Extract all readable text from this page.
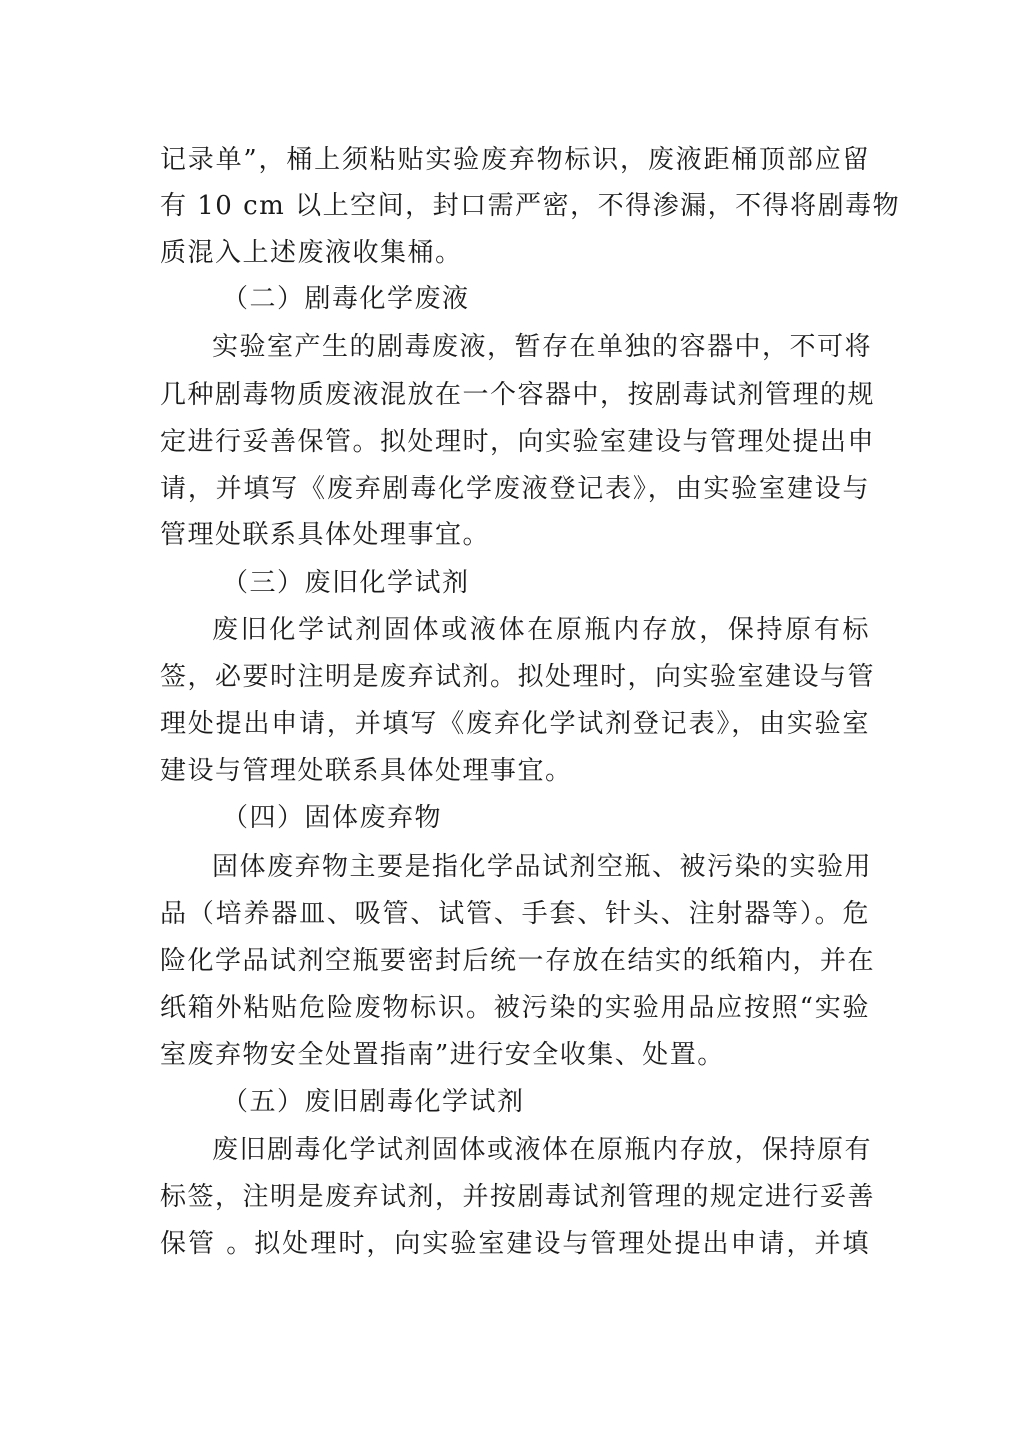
记录单”，桶上须粘贴实验废弃物标识，废液距桶顶部应留

有 10 cm 以上空间，封口需严密，不得渗漏，不得将剧毒物

质混入上述废液收集桶。

（二）剧毒化学废液

实验室产生的剧毒废液，暂存在单独的容器中，不可将

几种剧毒物质废液混放在一个容器中，按剧毒试剂管理的规

定进行妥善保管。拟处理时，向实验室建设与管理处提出申

请，并填写《废弃剧毒化学废液登记表》，由实验室建设与

管理处联系具体处理事宜。

（三）废旧化学试剂

废旧化学试剂固体或液体在原瓶内存放，保持原有标

签，必要时注明是废弃试剂。拟处理时，向实验室建设与管

理处提出申请，并填写《废弃化学试剂登记表》，由实验室

建设与管理处联系具体处理事宜。

（四）固体废弃物

固体废弃物主要是指化学品试剂空瓶、被污染的实验用

品（培养器皿、吸管、试管、手套、针头、注射器等）。危

险化学品试剂空瓶要密封后统一存放在结实的纸箱内，并在

纸箱外粘贴危险废物标识。被污染的实验用品应按照“实验

室废弃物安全处置指南”进行安全收集、处置。

（五）废旧剧毒化学试剂

废旧剧毒化学试剂固体或液体在原瓶内存放，保持原有

标签，注明是废弃试剂，并按剧毒试剂管理的规定进行妥善

保管 。拟处理时，向实验室建设与管理处提出申请，并填
